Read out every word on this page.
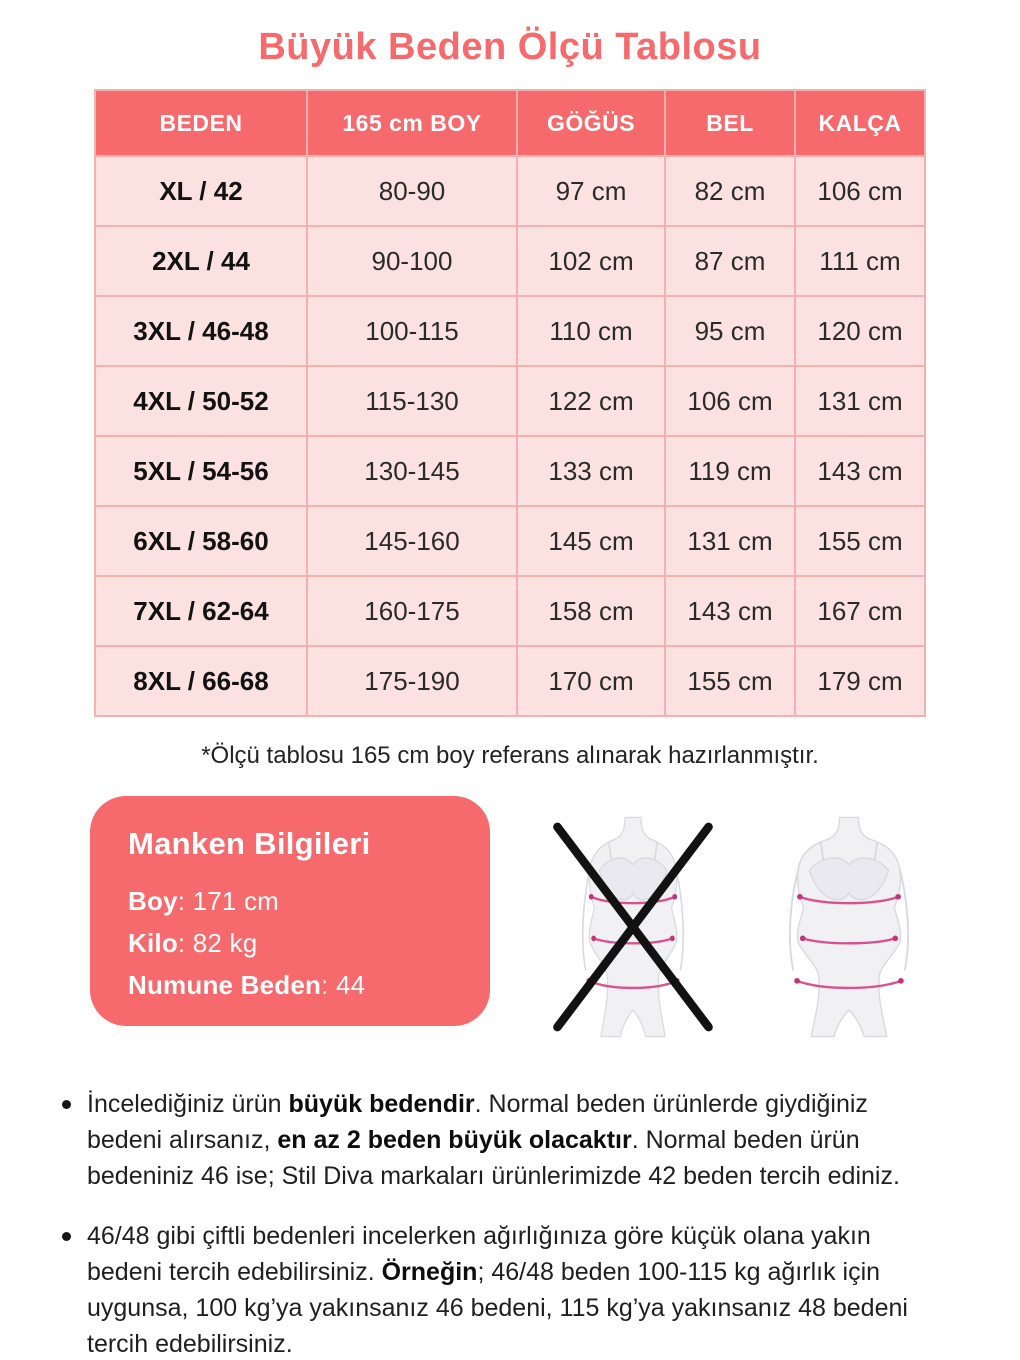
Büyük Beden Ölçü Tablosu
BEDEN	165 cm BOY	GÖĞÜS	BEL	KALÇA
XL / 42	80-90	97 cm	82 cm	106 cm
2XL / 44	90-100	102 cm	87 cm	111 cm
3XL / 46-48	100-115	110 cm	95 cm	120 cm
4XL / 50-52	115-130	122 cm	106 cm	131 cm
5XL / 54-56	130-145	133 cm	119 cm	143 cm
6XL / 58-60	145-160	145 cm	131 cm	155 cm
7XL / 62-64	160-175	158 cm	143 cm	167 cm
8XL / 66-68	175-190	170 cm	155 cm	179 cm
*Ölçü tablosu 165 cm boy referans alınarak hazırlanmıştır.
Manken Bilgileri
Boy: 171 cm
Kilo: 82 kg
Numune Beden: 44

İncelediğiniz ürün büyük bedendir. Normal beden ürünlerde giydiğiniz bedeni alırsanız, en az 2 beden büyük olacaktır. Normal beden ürün bedeniniz 46 ise; Stil Diva markaları ürünlerimizde 42 beden tercih ediniz.

46/48 gibi çiftli bedenleri incelerken ağırlığınıza göre küçük olana yakın bedeni tercih edebilirsiniz. Örneğin; 46/48 beden 100-115 kg ağırlık için uygunsa, 100 kg’ya yakınsanız 46 bedeni, 115 kg’ya yakınsanız 48 bedeni tercih edebilirsiniz.
